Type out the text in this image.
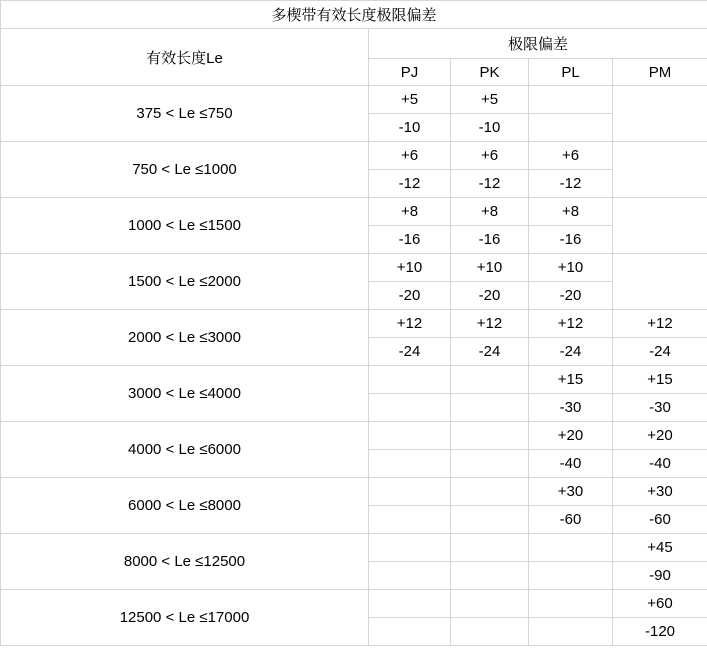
多楔带有效长度极限偏差				
有效长度Le	极限偏差			
	PJ	PK	PL	PM
375 < Le ≤750	+5	+5		
	-10	-10		
750 < Le ≤1000	+6	+6	+6	
	-12	-12	-12	
1000 < Le ≤1500	+8	+8	+8	
	-16	-16	-16	
1500 < Le ≤2000	+10	+10	+10	
	-20	-20	-20	
2000 < Le ≤3000	+12	+12	+12	+12
	-24	-24	-24	-24
3000 < Le ≤4000			+15	+15
			-30	-30
4000 < Le ≤6000			+20	+20
			-40	-40
6000 < Le ≤8000			+30	+30
			-60	-60
8000 < Le ≤12500				+45
				-90
12500 < Le ≤17000				+60
				-120
